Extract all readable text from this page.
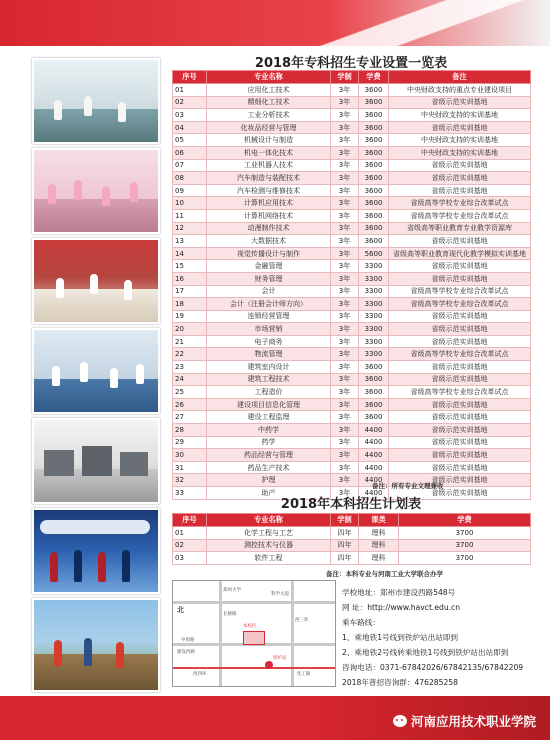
2018年专科招生专业设置一览表
序号	专业名称	学制	学费	备注
01	应用化工技术	3年	3600	中央财政支持的重点专业建设项目
02	精细化工技术	3年	3600	省级示范实训基地
03	工业分析技术	3年	3600	中央财政支持的实训基地
04	化妆品经营与管理	3年	3600	省级示范实训基地
05	机械设计与制造	3年	3600	中央财政支持的实训基地
06	机电一体化技术	3年	3600	中央财政支持的实训基地
07	工业机器人技术	3年	3600	省级示范实训基地
08	汽车制造与装配技术	3年	3600	省级示范实训基地
09	汽车检测与维修技术	3年	3600	省级示范实训基地
10	计算机应用技术	3年	3600	省级高等学校专业综合改革试点
11	计算机网络技术	3年	3600	省级高等学校专业综合改革试点
12	动漫制作技术	3年	3600	省级高等职业教育专业教学资源库
13	大数据技术	3年	3600	省级示范实训基地
14	视觉传播设计与制作	3年	5600	省级高等职业教育现代化教学模拟实训基地
15	金融管理	3年	3300	省级示范实训基地
16	财务管理	3年	3300	省级示范实训基地
17	会计	3年	3300	省级高等学校专业综合改革试点
18	会计（注册会计师方向）	3年	3300	省级高等学校专业综合改革试点
19	连锁经营管理	3年	3300	省级示范实训基地
20	市场营销	3年	3300	省级示范实训基地
21	电子商务	3年	3300	省级示范实训基地
22	物流管理	3年	3300	省级高等学校专业综合改革试点
23	建筑室内设计	3年	3600	省级示范实训基地
24	建筑工程技术	3年	3600	省级示范实训基地
25	工程造价	3年	3600	省级高等学校专业综合改革试点
26	建设项目信息化管理	3年	3600	省级示范实训基地
27	建设工程监理	3年	3600	省级示范实训基地
28	中药学	3年	4400	省级示范实训基地
29	药学	3年	4400	省级示范实训基地
30	药品经营与管理	3年	4400	省级示范实训基地
31	药品生产技术	3年	4400	省级示范实训基地
32	护理	3年	4400	省级示范实训基地
33	助产	3年	4400	省级示范实训基地
备注：所有专业文理兼收
2018年本科招生计划表
序号	专业名称	学制	课类	学费
01	化学工程与工艺	四年	理科	3700
02	测控技术与仪器	四年	理科	3700
03	软件工程	四年	理科	3700
备注：本科专业与河南工业大学联合办学
北
郑州大学
科学大道
长椿路
西三环
本校区
中原路
建设西路
铁炉站
西四环	化工路
学校地址：郑州市建设西路548号
网 址：http://www.havct.edu.cn
乘车路线：
1、乘地铁1号线到铁炉站出站即到
2、乘地铁2号线转乘地铁1号线到铁炉站出站即到
咨询电话：0371-67842026/67842135/67842209
2018年普招咨询群：476285258
河南应用技术职业学院
